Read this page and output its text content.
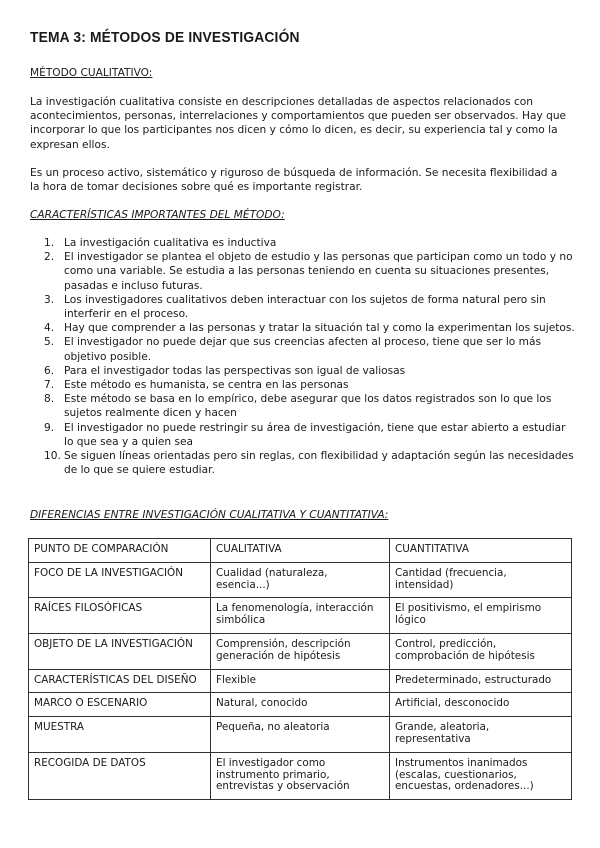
TEMA 3: MÉTODOS DE INVESTIGACIÓN
MÉTODO CUALITATIVO:
La investigación cualitativa consiste en descripciones detalladas de aspectos relacionados con acontecimientos, personas, interrelaciones y comportamientos que pueden ser observados. Hay que incorporar lo que los participantes nos dicen y cómo lo dicen, es decir, su experiencia tal y como la expresan ellos.
Es un proceso activo, sistemático y riguroso de búsqueda de información. Se necesita flexibilidad a la hora de tomar decisiones sobre qué es importante registrar.
CARACTERÍSTICAS IMPORTANTES DEL MÉTODO:
1. La investigación cualitativa es inductiva
2. El investigador se plantea el objeto de estudio y las personas que participan como un todo y no como una variable. Se estudia a las personas teniendo en cuenta su situaciones presentes, pasadas e incluso futuras.
3. Los investigadores cualitativos deben interactuar con los sujetos de forma natural pero sin interferir en el proceso.
4. Hay que comprender a las personas y tratar la situación tal y como la experimentan los sujetos.
5. El investigador no puede dejar que sus creencias afecten al proceso, tiene que ser lo más objetivo posible.
6. Para el investigador todas las perspectivas son igual de valiosas
7. Este método es humanista, se centra en las personas
8. Este método se basa en lo empírico, debe asegurar que los datos registrados son lo que los sujetos realmente dicen y hacen
9. El investigador no puede restringir su área de investigación, tiene que estar abierto a estudiar lo que sea y a quien sea
10. Se siguen líneas orientadas pero sin reglas, con flexibilidad y adaptación según las necesidades de lo que se quiere estudiar.
DIFERENCIAS ENTRE INVESTIGACIÓN CUALITATIVA Y CUANTITATIVA:
PUNTO DE COMPARACIÓN	CUALITATIVA	CUANTITATIVA
FOCO DE LA INVESTIGACIÓN	Cualidad (naturaleza, esencia...)	Cantidad (frecuencia, intensidad)
RAÍCES FILOSÓFICAS	La fenomenología, interacción simbólica	El positivismo, el empirismo lógico
OBJETO DE LA INVESTIGACIÓN	Comprensión, descripción generación de hipótesis	Control, predicción, comprobación de hipótesis
CARACTERÍSTICAS DEL DISEÑO	Flexible	Predeterminado, estructurado
MARCO O ESCENARIO	Natural, conocido	Artificial, desconocido
MUESTRA	Pequeña, no aleatoria	Grande, aleatoria, representativa
RECOGIDA DE DATOS	El investigador como instrumento primario, entrevistas y observación	Instrumentos inanimados (escalas, cuestionarios, encuestas, ordenadores...)
